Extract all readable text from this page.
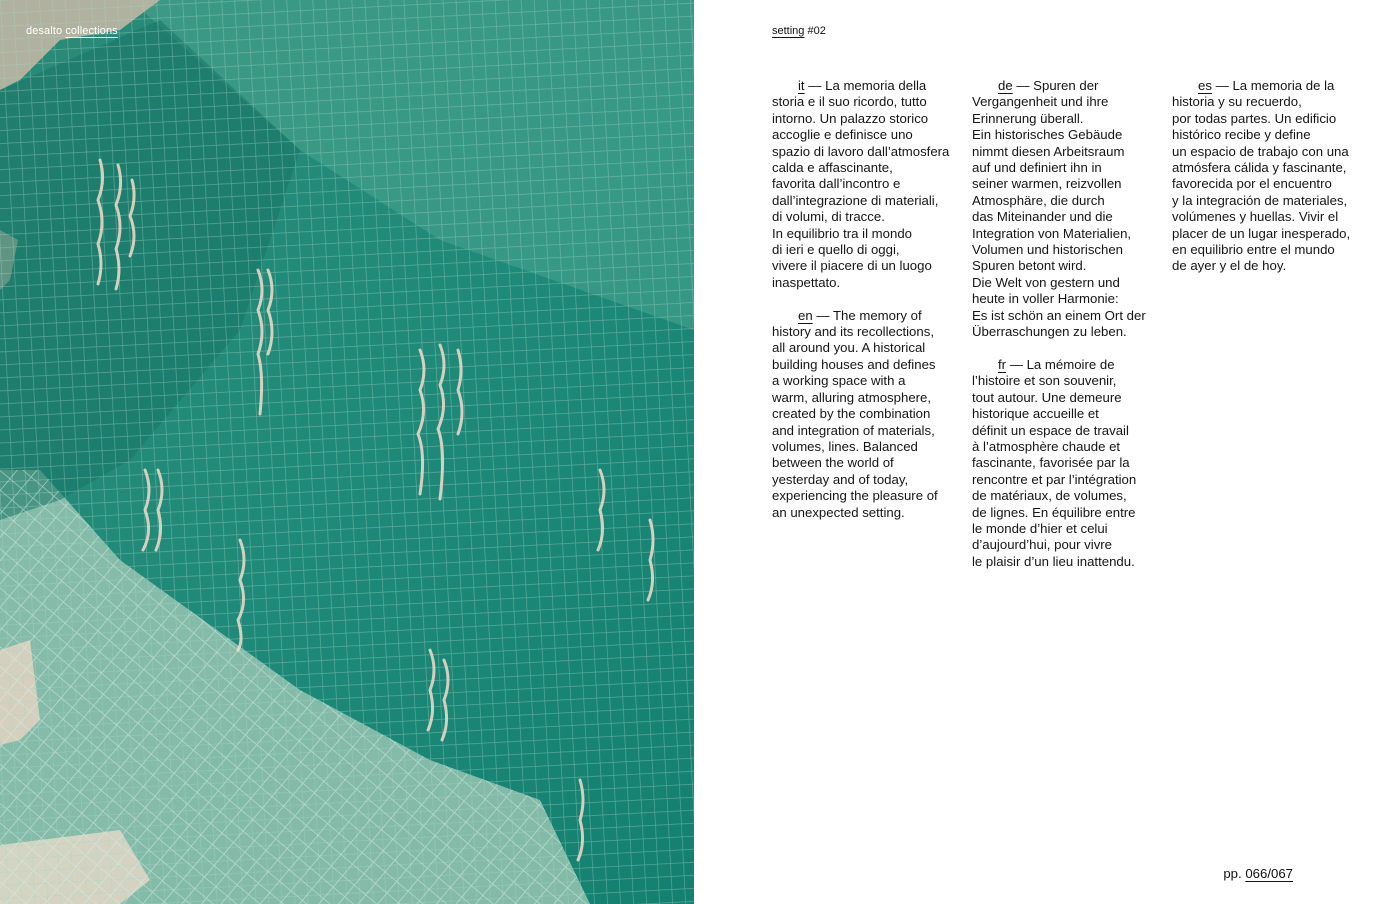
desalto collections	setting #02

it — La memoria della
storia e il suo ricordo, tutto
intorno. Un palazzo storico
accoglie e definisce uno
spazio di lavoro dall’atmosfera
calda e affascinante,
favorita dall’incontro e
dall’integrazione di materiali,
di volumi, di tracce.
In equilibrio tra il mondo
di ieri e quello di oggi,
vivere il piacere di un luogo
inaspettato.

en — The memory of
history and its recollections,
all around you. A historical
building houses and defines
a working space with a
warm, alluring atmosphere,
created by the combination
and integration of materials,
volumes, lines. Balanced
between the world of
yesterday and of today,
experiencing the pleasure of
an unexpected setting.

de — Spuren der
Vergangenheit und ihre
Erinnerung überall.
Ein historisches Gebäude
nimmt diesen Arbeitsraum
auf und definiert ihn in
seiner warmen, reizvollen
Atmosphäre, die durch
das Miteinander und die
Integration von Materialien,
Volumen und historischen
Spuren betont wird.
Die Welt von gestern und
heute in voller Harmonie:
Es ist schön an einem Ort der
Überraschungen zu leben.

fr — La mémoire de
l’histoire et son souvenir,
tout autour. Une demeure
historique accueille et
définit un espace de travail
à l’atmosphère chaude et
fascinante, favorisée par la
rencontre et par l’intégration
de matériaux, de volumes,
de lignes. En équilibre entre
le monde d’hier et celui
d’aujourd’hui, pour vivre
le plaisir d’un lieu inattendu.

es — La memoria de la
historia y su recuerdo,
por todas partes. Un edificio
histórico recibe y define
un espacio de trabajo con una
atmósfera cálida y fascinante,
favorecida por el encuentro
y la integración de materiales,
volúmenes y huellas. Vivir el
placer de un lugar inesperado,
en equilibrio entre el mundo
de ayer y el de hoy.

pp. 066/067
